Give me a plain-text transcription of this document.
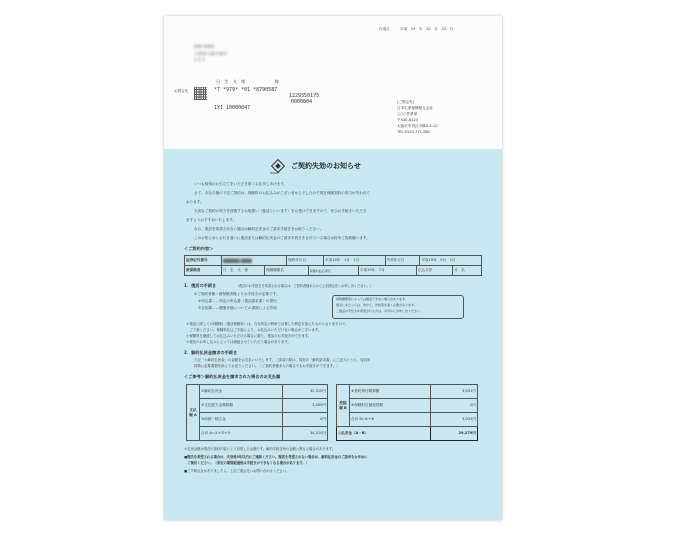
作成日	平成　19　年　10　月　22　日
000-0000
大阪府大阪市東区
1-1-1
日　生　太　郎　　　　　　　様
お問合先	*7 *979* *01 *8790587
1229350175
0000004
1Y1 10000047
(ご照会先)
日本生命保険相互会社
○○○営業部
〒530-8123
大阪市中央区今橋3-5-12
TEL 0120-771-881
NISSAY
ご契約失効のお知らせ
いつも格別のお引立てをいただき厚くお礼申しあげます。
さて、あなた様の下記ご契約は、保険料のお払込みがございませんでしたので現在保険契約の効力が失われて
おります。
大切なご契約の効力を回復するお取扱い（復活といいます）をお受けできますので、ぜひお手続きいただき
ますようおすすめいたします。
なお、復活を希望されない場合は解約払戻金のご請求手続きをお取りください。
このお知らせとお行き違いに復活または解約払戻金のご請求手続きをされている場合は何卒ご容赦願います。
＜ご契約内容＞
証券記号番号	██████ ████	契約年月日	平成14年　1月　1日	失効年月日	平成19年　9月　1日
被保険者	日　生　太　郎	保険種類名	保険料払込済月	平成19年　7月	払込方法	月　払
1．復活の手続き	（復活のお手続きを希望される場合は、ご契約者様本人から上記照会先へお申し出ください。）
①ご契約者様・被保険者様よりお手続きが必要です。
①申込書……所定の申込書（復活請求書）の提出
②告知書……健康状態についての書面による告知
保険種類等によっては復活できない場合があります。
復活にあたっては、改めて、告知等を頂く必要があります。
ご復活の手続きを希望される方は、お早めにお申し出ください。
＊復活に際しての保険料（復活保険料）は、当社所定の利率で計算した利息を加えたものとなりますので、
　ご了承ください。保険料払込ご不能により、お払込みいただけない場合がございます。
＊保険料を継続してお払込みいただける場合に限り、復活のお手続きができます。
＊復活のお申し込みによっては謝絶させていただく場合があります。
2．解約払戻金請求の手続き
下記「＊解約払戻金」の金額をお支払いいたします。ご請求の際は、同封の「解約請求書」にご記入のうえ、返信用
封筒に必要書類を添えてお送りください。（ご契約者様本人の場合でもお手続きができます。）
＜ご参考＞解約払戻金を請求された場合のお支払額
支払額 A	①解約払戻金	32,310円
	②支払配当金精算額	3,000円
	③前納・積立金	0円
	合計 A=①+②+③	34,310円
控除額 B	④契約貸付精算額	5,031円
	⑤保険料自動振替額	0円
	合計 B=④+⑤	5,031円
◎払戻金（A－B）		29,279円
＊払戻金額は現在の契約内容により計算した金額です。解約手続き時の金額と異なる場合があります。
■復活を希望される場合は、失効後3年以内にご連絡ください。復活を希望されない場合は、解約払戻金のご請求をお早めに
　ご検討ください。（所定の期間経過後は手続きができなくなる場合があります。）
■ご不明な点がありましたら、上記ご照会先へお問い合わせください。
